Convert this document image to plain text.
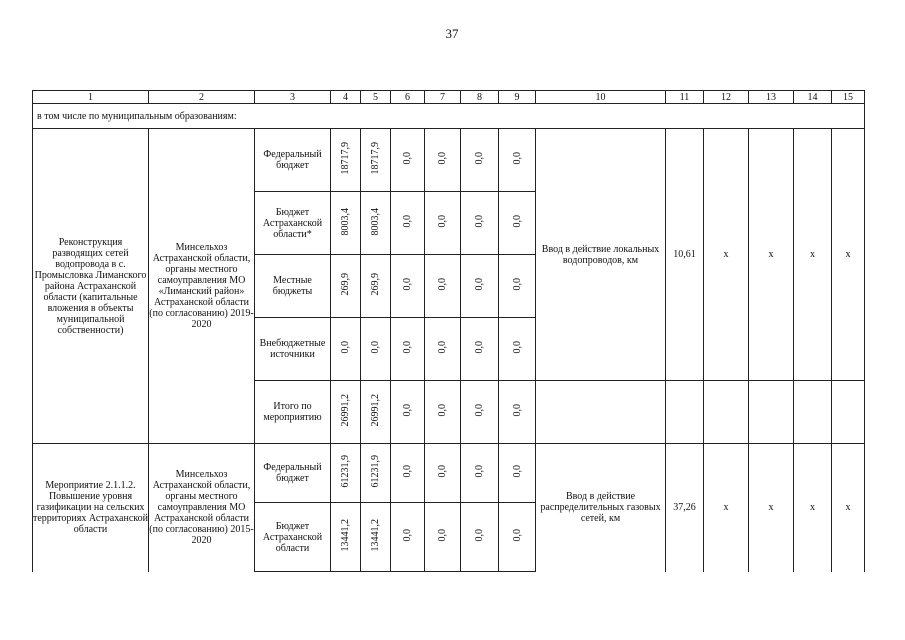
37
1	2	3	4	5	6	7	8	9	10	11	12	13	14	15
в том числе по муниципальным образованиям:														
Реконструкция разводящих сетей водопровода в с. Промысловка Лиманского района Астраханской области (капитальные вложения в объекты муниципальной собственности)	Минсельхоз Астраханской области, органы местного самоуправления МО «Лиманский район» Астраханской области (по согласованию) 2019-2020	Федеральный бюджет	18717,9	18717,9	0,0	0,0	0,0	0,0	Ввод в действие локальных водопроводов, км	10,61	х	х	х	х
		Бюджет Астраханской области*	8003,4	8003,4	0,0	0,0	0,0	0,0						
		Местные бюджеты	269,9	269,9	0,0	0,0	0,0	0,0						
		Внебюджетные источники	0,0	0,0	0,0	0,0	0,0	0,0						
		Итого по мероприятию	26991,2	26991,2	0,0	0,0	0,0	0,0						
Мероприятие 2.1.1.2. Повышение уровня газификации на сельских территориях Астраханской области	Минсельхоз Астраханской области, органы местного самоуправления МО Астраханской области (по согласованию) 2015-2020	Федеральный бюджет	61231,9	61231,9	0,0	0,0	0,0	0,0	Ввод в действие распределительных газовых сетей, км	37,26	х	х	х	х
		Бюджет Астраханской области	13441,2	13441,2	0,0	0,0	0,0	0,0						
